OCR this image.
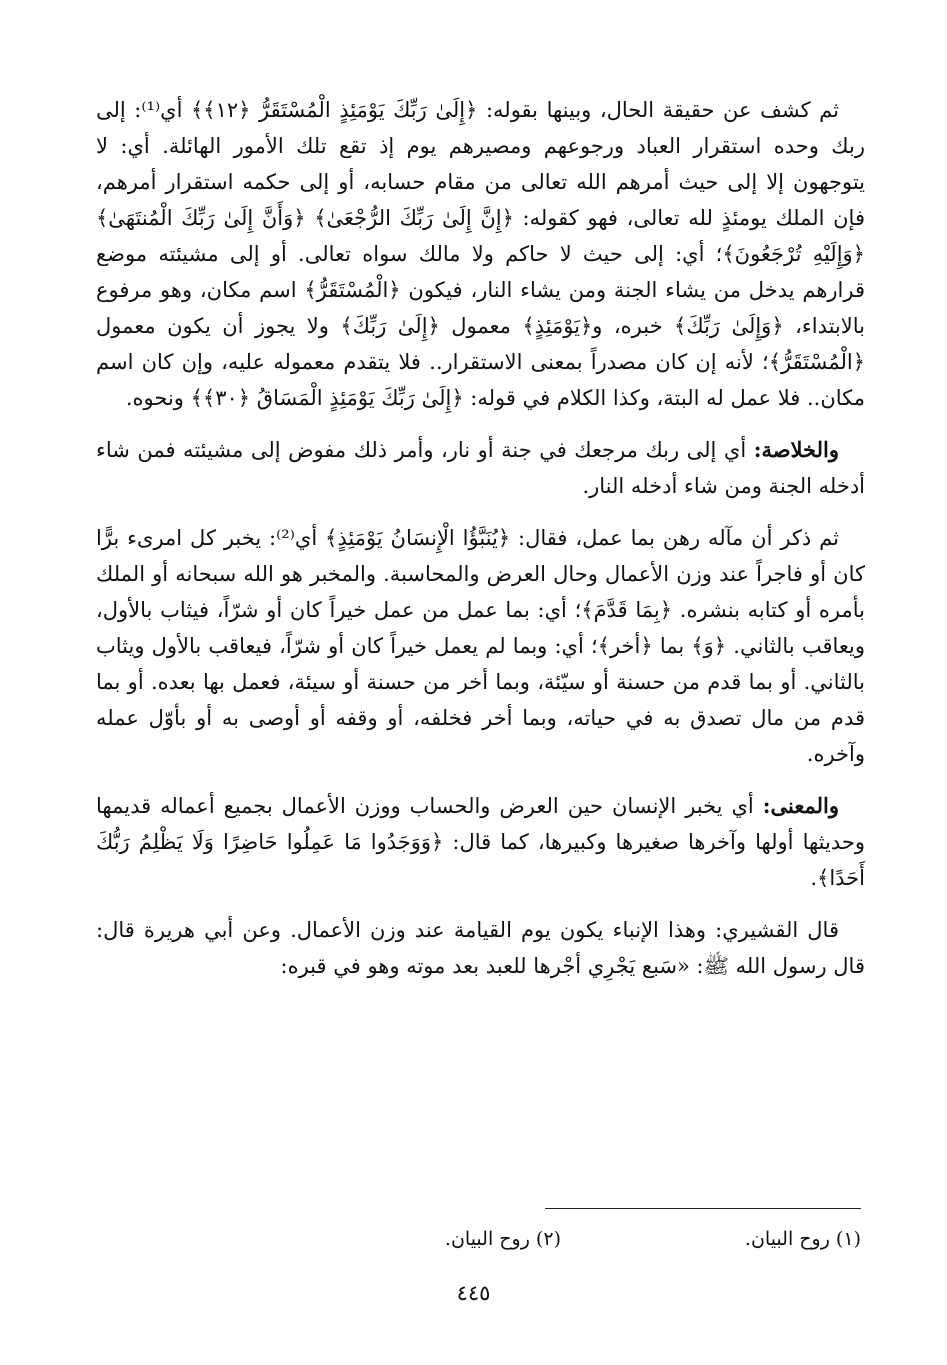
ثم كشف عن حقيقة الحال، وبينها بقوله: ﴿إِلَىٰ رَبِّكَ يَوْمَئِذٍ الْمُسْتَقَرُّ ﴿١٢﴾﴾ أي⁽¹⁾: إلى ربك وحده استقرار العباد ورجوعهم ومصيرهم يوم إذ تقع تلك الأمور الهائلة. أي: لا يتوجهون إلا إلى حيث أمرهم الله تعالى من مقام حسابه، أو إلى حكمه استقرار أمرهم، فإن الملك يومئذٍ لله تعالى، فهو كقوله: ﴿إِنَّ إِلَىٰ رَبِّكَ الرُّجْعَىٰ﴾ ﴿وَأَنَّ إِلَىٰ رَبِّكَ الْمُنتَهَىٰ﴾ ﴿وَإِلَيْهِ تُرْجَعُونَ﴾؛ أي: إلى حيث لا حاكم ولا مالك سواه تعالى. أو إلى مشيئته موضع قرارهم يدخل من يشاء الجنة ومن يشاء النار، فيكون ﴿الْمُسْتَقَرُّ﴾ اسم مكان، وهو مرفوع بالابتداء، ﴿وَإِلَىٰ رَبِّكَ﴾ خبره، و﴿يَوْمَئِذٍ﴾ معمول ﴿إِلَىٰ رَبِّكَ﴾ ولا يجوز أن يكون معمول ﴿الْمُسْتَقَرُّ﴾؛ لأنه إن كان مصدراً بمعنى الاستقرار.. فلا يتقدم معموله عليه، وإن كان اسم مكان.. فلا عمل له البتة، وكذا الكلام في قوله: ﴿إِلَىٰ رَبِّكَ يَوْمَئِذٍ الْمَسَاقُ ﴿٣٠﴾﴾ ونحوه.

والخلاصة: أي إلى ربك مرجعك في جنة أو نار، وأمر ذلك مفوض إلى مشيئته فمن شاء أدخله الجنة ومن شاء أدخله النار.

ثم ذكر أن مآله رهن بما عمل، فقال: ﴿يُنَبَّؤُا الْإِنسَانُ يَوْمَئِذٍ﴾ أي⁽²⁾: يخبر كل امرىء برًّا كان أو فاجراً عند وزن الأعمال وحال العرض والمحاسبة. والمخبر هو الله سبحانه أو الملك بأمره أو كتابه بنشره. ﴿بِمَا قَدَّمَ﴾؛ أي: بما عمل من عمل خيراً كان أو شرّاً، فيثاب بالأول، ويعاقب بالثاني. ﴿وَ﴾ بما ﴿أخر﴾؛ أي: وبما لم يعمل خيراً كان أو شرّاً، فيعاقب بالأول ويثاب بالثاني. أو بما قدم من حسنة أو سيّئة، وبما أخر من حسنة أو سيئة، فعمل بها بعده. أو بما قدم من مال تصدق به في حياته، وبما أخر فخلفه، أو وقفه أو أوصى به أو بأوّل عمله وآخره.

والمعنى: أي يخبر الإنسان حين العرض والحساب ووزن الأعمال بجميع أعماله قديمها وحديثها أولها وآخرها صغيرها وكبيرها، كما قال: ﴿وَوَجَدُوا مَا عَمِلُوا حَاضِرًا وَلَا يَظْلِمُ رَبُّكَ أَحَدًا﴾.

قال القشيري: وهذا الإنباء يكون يوم القيامة عند وزن الأعمال. وعن أبي هريرة قال: قال رسول الله ﷺ: «سَبع يَجْرِي أجْرها للعبد بعد موته وهو في قبره:

(١) روح البيان.
(٢) روح البيان.
٤٤٥
